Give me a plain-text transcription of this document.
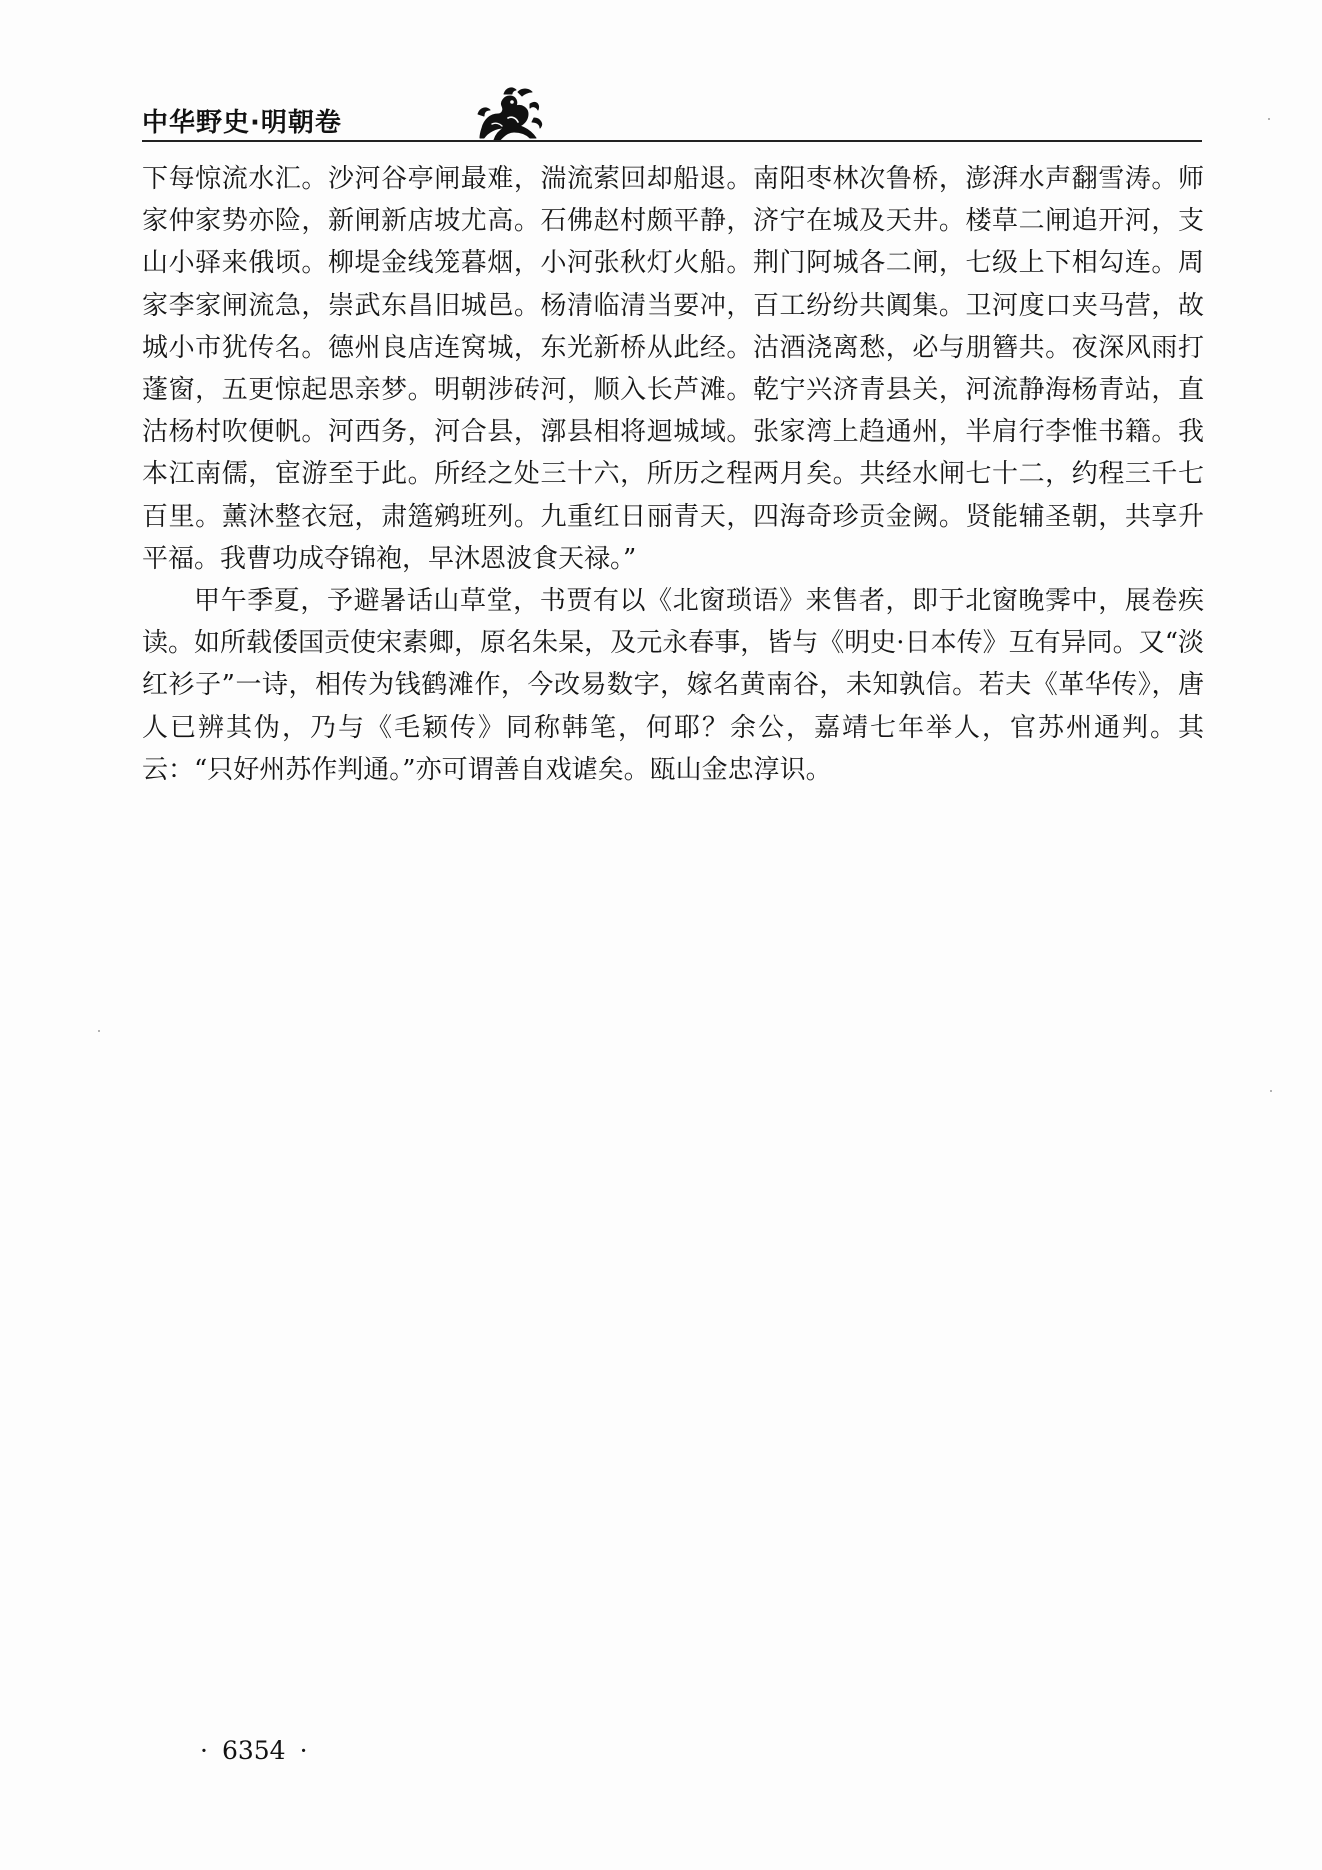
中华野史·明朝卷

下每惊流水汇。沙河谷亭闸最难，湍流萦回却船退。南阳枣林次鲁桥，澎湃水声翻雪涛。师家仲家势亦险，新闸新店坡尤高。石佛赵村颇平静，济宁在城及天井。楼草二闸追开河，支山小驿来俄顷。柳堤金线笼暮烟，小河张秋灯火船。荆门阿城各二闸，七级上下相勾连。周家李家闸流急，崇武东昌旧城邑。杨清临清当要冲，百工纷纷共阗集。卫河度口夹马营，故城小市犹传名。德州良店连窝城，东光新桥从此经。沽酒浇离愁，必与朋簪共。夜深风雨打蓬窗，五更惊起思亲梦。明朝涉砖河，顺入长芦滩。乾宁兴济青县关，河流静海杨青站，直沽杨村吹便帆。河西务，河合县，漷县相将迴城域。张家湾上趋通州，半肩行李惟书籍。我本江南儒，宦游至于此。所经之处三十六，所历之程两月矣。共经水闸七十二，约程三千七百里。薰沐整衣冠，肃簉鹓班列。九重红日丽青天，四海奇珍贡金阙。贤能辅圣朝，共享升平福。我曹功成夺锦袍，早沐恩波食天禄。”

甲午季夏，予避暑话山草堂，书贾有以《北窗琐语》来售者，即于北窗晚霁中，展卷疾读。如所载倭国贡使宋素卿，原名朱杲，及元永春事，皆与《明史·日本传》互有异同。又“淡红衫子”一诗，相传为钱鹤滩作，今改易数字，嫁名黄南谷，未知孰信。若夫《革华传》，唐人已辨其伪，乃与《毛颖传》同称韩笔，何耶？余公，嘉靖七年举人，官苏州通判。其云：“只好州苏作判通。”亦可谓善自戏谑矣。瓯山金忠淳识。

· 6354 ·
